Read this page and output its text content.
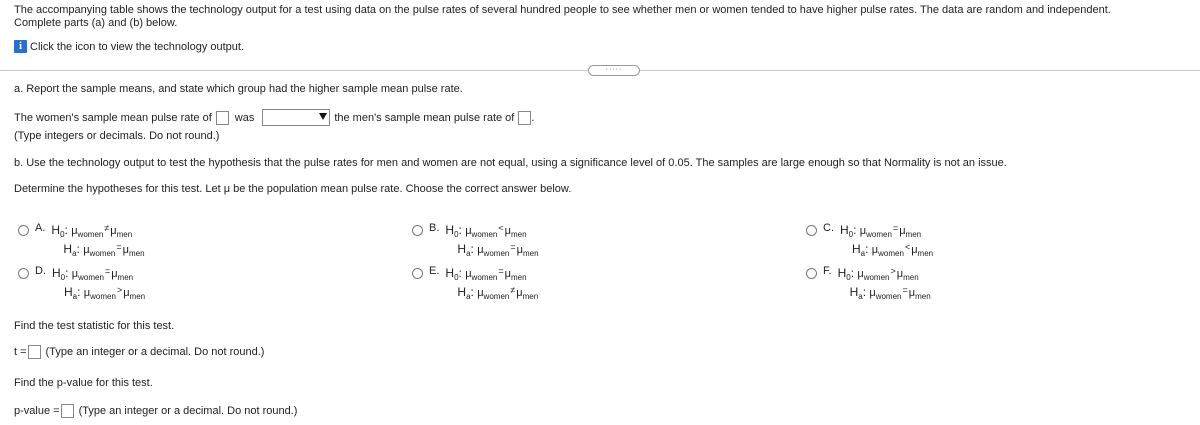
The accompanying table shows the technology output for a test using data on the pulse rates of several hundred people to see whether men or women tended to have higher pulse rates. The data are random and independent.
Complete parts (a) and (b) below.
i Click the icon to view the technology output.
·····
a. Report the sample means, and state which group had the higher sample mean pulse rate.
The women's sample mean pulse rate of was	the men's sample mean pulse rate of .
(Type integers or decimals. Do not round.)
b. Use the technology output to test the hypothesis that the pulse rates for men and women are not equal, using a significance level of 0.05. The samples are large enough so that Normality is not an issue.
Determine the hypotheses for this test. Let μ be the population mean pulse rate. Choose the correct answer below.
A. $H_0$: $\mu_{women}^\ne\mu_{men}$
$H_a$: $\mu_{women}^=\mu_{men}$
B. $H_0$: $\mu_{women}^<\mu_{men}$
$H_a$: $\mu_{women}^=\mu_{men}$
C. $H_0$: $\mu_{women}^=\mu_{men}$
$H_a$: $\mu_{women}^<\mu_{men}$
D. $H_0$: $\mu_{women}^=\mu_{men}$
$H_a$: $\mu_{women}^>\mu_{men}$
E. $H_0$: $\mu_{women}^=\mu_{men}$
$H_a$: $\mu_{women}^\ne\mu_{men}$
F. $H_0$: $\mu_{women}^>\mu_{men}$
$H_a$: $\mu_{women}^=\mu_{men}$
Find the test statistic for this test.
t = (Type an integer or a decimal. Do not round.)
Find the p-value for this test.
p-value = (Type an integer or a decimal. Do not round.)
